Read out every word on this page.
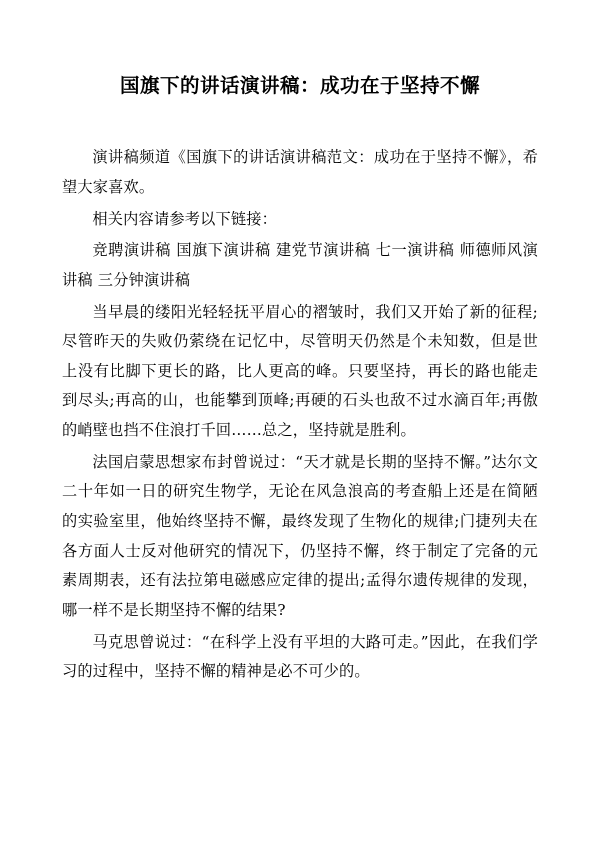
国旗下的讲话演讲稿：成功在于坚持不懈

演讲稿频道《国旗下的讲话演讲稿范文：成功在于坚持不懈》，希望大家喜欢。

相关内容请参考以下链接：

竞聘演讲稿 国旗下演讲稿 建党节演讲稿 七一演讲稿 师德师风演讲稿 三分钟演讲稿

当早晨的缕阳光轻轻抚平眉心的褶皱时，我们又开始了新的征程;尽管昨天的失败仍萦绕在记忆中，尽管明天仍然是个未知数，但是世上没有比脚下更长的路，比人更高的峰。只要坚持，再长的路也能走到尽头;再高的山，也能攀到顶峰;再硬的石头也敌不过水滴百年;再傲的峭壁也挡不住浪打千回……总之，坚持就是胜利。

法国启蒙思想家布封曾说过：“天才就是长期的坚持不懈。”达尔文二十年如一日的研究生物学，无论在风急浪高的考查船上还是在简陋的实验室里，他始终坚持不懈，最终发现了生物化的规律;门捷列夫在各方面人士反对他研究的情况下，仍坚持不懈，终于制定了完备的元素周期表，还有法拉第电磁感应定律的提出;孟得尔遗传规律的发现，哪一样不是长期坚持不懈的结果?

马克思曾说过：“在科学上没有平坦的大路可走。”因此，在我们学习的过程中，坚持不懈的精神是必不可少的。
